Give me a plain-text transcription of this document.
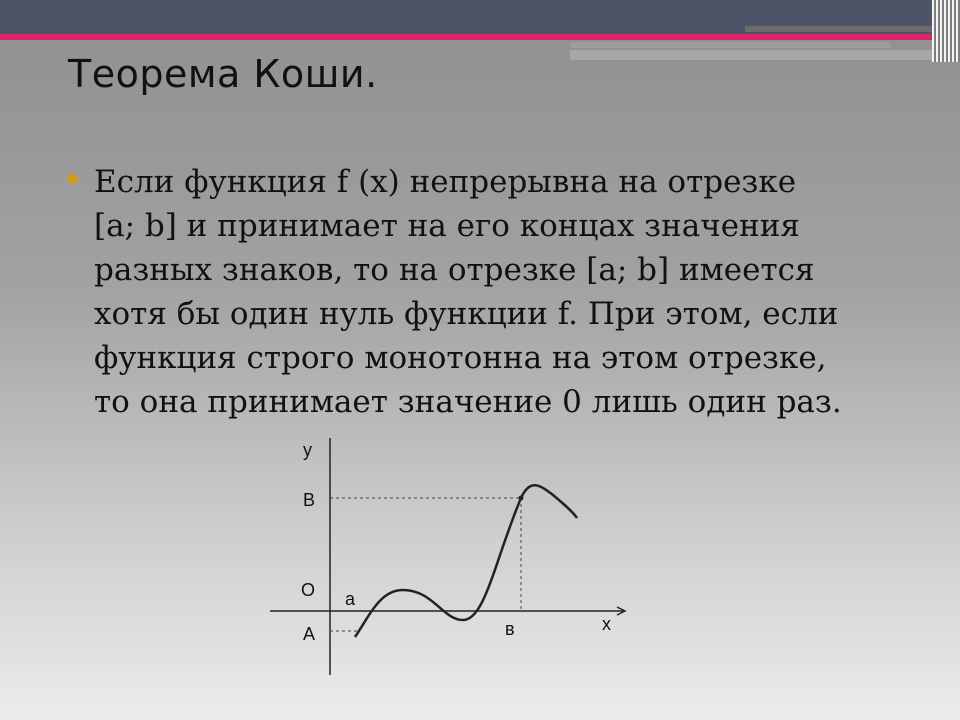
Теорема Коши.
Если функция f (x) непрерывна на отрезке
[a; b] и принимает на его концах значения
разных знаков, то на отрезке [a; b] имеется
хотя бы один нуль функции f. При этом, если
функция строго монотонна на этом отрезке,
то она принимает значение 0 лишь один раз.
y
B
O a
A	в	x
